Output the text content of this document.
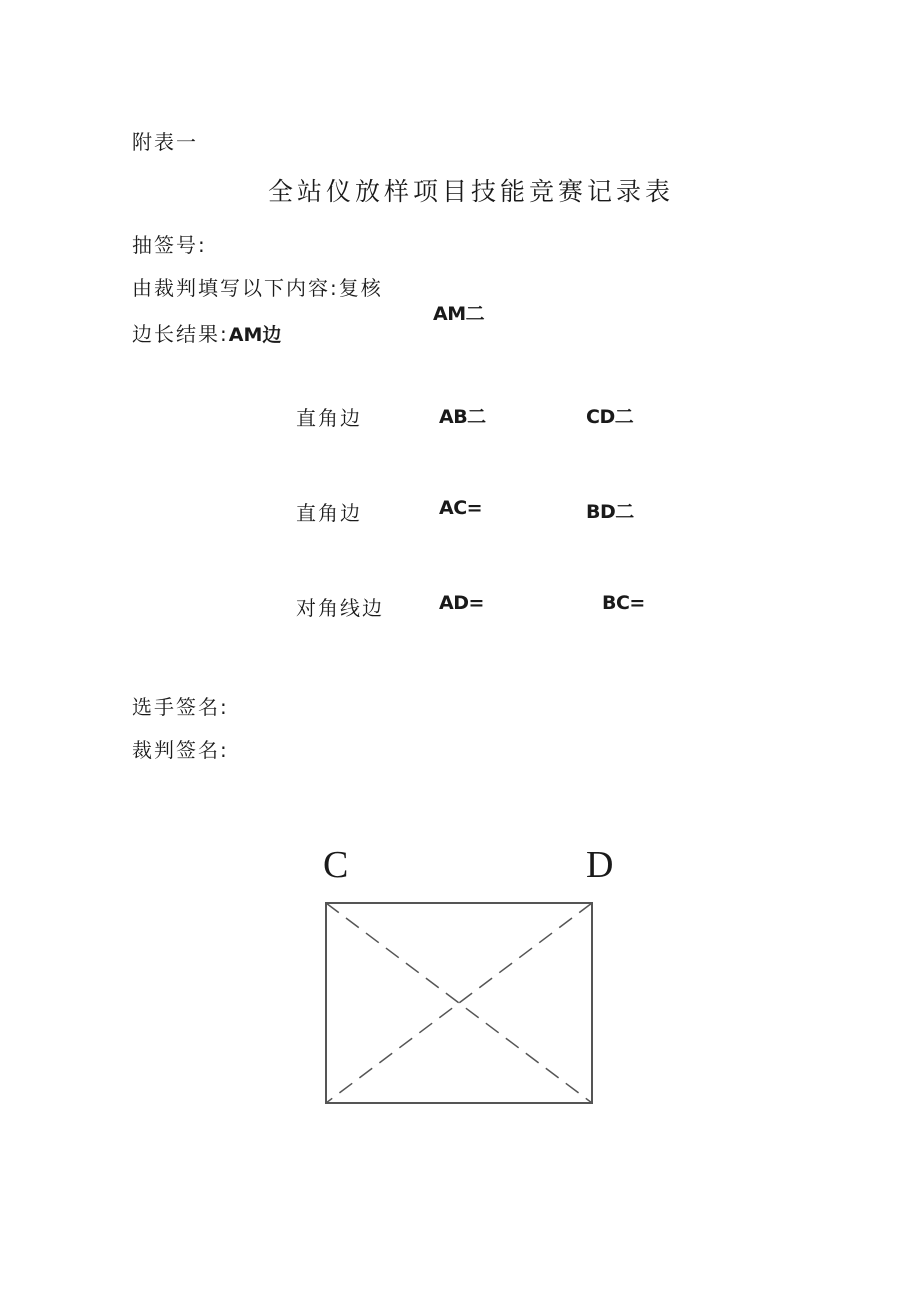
附表一
全站仪放样项目技能竞赛记录表
抽签号:
由裁判填写以下内容:复核
AM二
边长结果:AM边
直角边	AB二	CD二
直角边	AC=	BD二
对角线边	AD=	BC=
选手签名:
裁判签名:
C	D
